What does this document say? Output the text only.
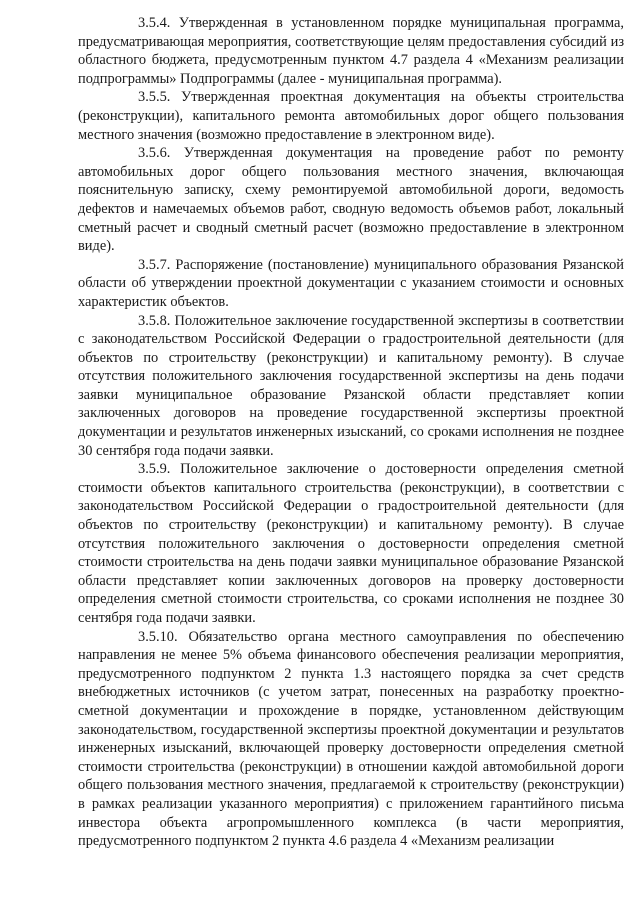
3.5.4. Утвержденная в установленном порядке муниципальная программа, предусматривающая мероприятия, соответствующие целям предоставления субсидий из областного бюджета, предусмотренным пунктом 4.7 раздела 4 «Механизм реализации подпрограммы» Подпрограммы (далее - муниципальная программа).

3.5.5. Утвержденная проектная документация на объекты строительства (реконструкции), капитального ремонта автомобильных дорог общего пользования местного значения (возможно предоставление в электронном виде).

3.5.6. Утвержденная документация на проведение работ по ремонту автомобильных дорог общего пользования местного значения, включающая пояснительную записку, схему ремонтируемой автомобильной дороги, ведомость дефектов и намечаемых объемов работ, сводную ведомость объемов работ, локальный сметный расчет и сводный сметный расчет (возможно предоставление в электронном виде).

3.5.7. Распоряжение (постановление) муниципального образования Рязанской области об утверждении проектной документации с указанием стоимости и основных характеристик объектов.

3.5.8. Положительное заключение государственной экспертизы в соответствии с законодательством Российской Федерации о градостроительной деятельности (для объектов по строительству (реконструкции) и капитальному ремонту). В случае отсутствия положительного заключения государственной экспертизы на день подачи заявки муниципальное образование Рязанской области представляет копии заключенных договоров на проведение государственной экспертизы проектной документации и результатов инженерных изысканий, со сроками исполнения не позднее 30 сентября года подачи заявки.

3.5.9. Положительное заключение о достоверности определения сметной стоимости объектов капитального строительства (реконструкции), в соответствии с законодательством Российской Федерации о градостроительной деятельности (для объектов по строительству (реконструкции) и капитальному ремонту). В случае отсутствия положительного заключения о достоверности определения сметной стоимости строительства на день подачи заявки муниципальное образование Рязанской области представляет копии заключенных договоров на проверку достоверности определения сметной стоимости строительства, со сроками исполнения не позднее 30 сентября года подачи заявки.

3.5.10. Обязательство органа местного самоуправления по обеспечению направления не менее 5% объема финансового обеспечения реализации мероприятия, предусмотренного подпунктом 2 пункта 1.3 настоящего порядка за счет средств внебюджетных источников (с учетом затрат, понесенных на разработку проектно-сметной документации и прохождение в порядке, установленном действующим законодательством, государственной экспертизы проектной документации и результатов инженерных изысканий, включающей проверку достоверности определения сметной стоимости строительства (реконструкции) в отношении каждой автомобильной дороги общего пользования местного значения, предлагаемой к строительству (реконструкции) в рамках реализации указанного мероприятия) с приложением гарантийного письма инвестора объекта агропромышленного комплекса (в части мероприятия, предусмотренного подпунктом 2 пункта 4.6 раздела 4 «Механизм реализации
